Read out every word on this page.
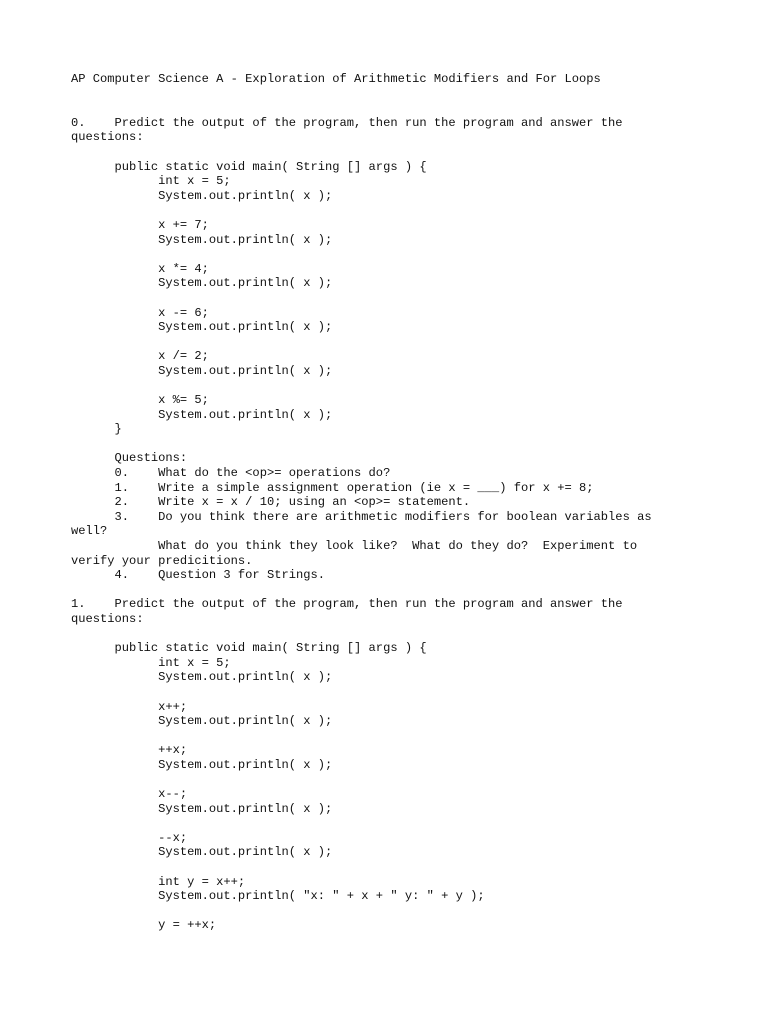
AP Computer Science A - Exploration of Arithmetic Modifiers and For Loops
0.    Predict the output of the program, then run the program and answer the
questions:
public static void main( String [] args ) {
int x = 5;
System.out.println( x );
x += 7;
System.out.println( x );
x *= 4;
System.out.println( x );
x -= 6;
System.out.println( x );
x /= 2;
System.out.println( x );
x %= 5;
System.out.println( x );
}
Questions:
0.    What do the <op>= operations do?
1.    Write a simple assignment operation (ie x = ___) for x += 8;
2.    Write x = x / 10; using an <op>= statement.
3.    Do you think there are arithmetic modifiers for boolean variables as
well?
What do you think they look like?  What do they do?  Experiment to
verify your predicitions.
4.    Question 3 for Strings.
1.    Predict the output of the program, then run the program and answer the
questions:
public static void main( String [] args ) {
int x = 5;
System.out.println( x );
x++;
System.out.println( x );
++x;
System.out.println( x );
x--;
System.out.println( x );
--x;
System.out.println( x );
int y = x++;
System.out.println( "x: " + x + " y: " + y );
y = ++x;
